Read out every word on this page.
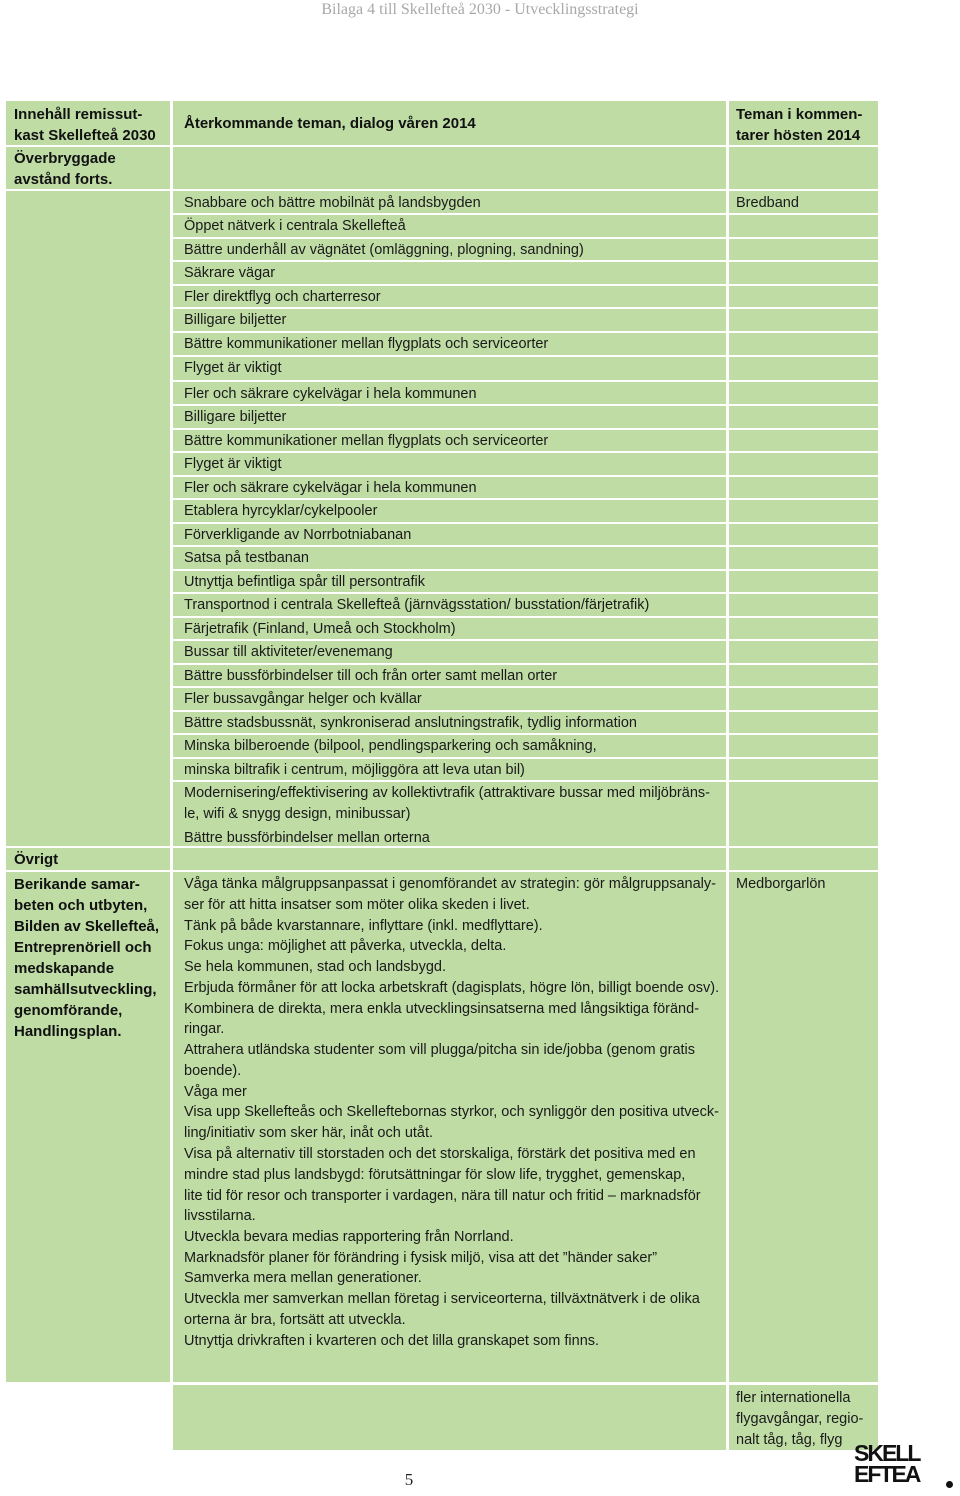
Bilaga 4 till Skellefteå 2030 - Utvecklingsstrategi
Innehåll remissut-kast Skellefteå 2030
Återkommande teman, dialog våren 2014
Teman i kommen-tarer hösten 2014
Överbryggade avstånd forts.
Snabbare och bättre mobilnät på landsbygden
Öppet nätverk i centrala Skellefteå
Bättre underhåll av vägnätet (omläggning, plogning, sandning)
Säkrare vägar
Fler direktflyg och charterresor
Billigare biljetter
Bättre kommunikationer mellan flygplats och serviceorter
Flyget är viktigt
Fler och säkrare cykelvägar i hela kommunen
Billigare biljetter
Bättre kommunikationer mellan flygplats och serviceorter
Flyget är viktigt
Fler och säkrare cykelvägar i hela kommunen
Etablera hyrcyklar/cykelpooler
Förverkligande av Norrbotniabanan
Satsa på testbanan
Utnyttja befintliga spår till persontrafik
Transportnod i centrala Skellefteå (järnvägsstation/ busstation/färjetrafik)
Färjetrafik (Finland, Umeå och Stockholm)
Bussar till aktiviteter/evenemang
Bättre bussförbindelser till och från orter samt mellan orter
Fler bussavgångar helger och kvällar
Bättre stadsbussnät, synkroniserad anslutningstrafik, tydlig information
Minska bilberoende (bilpool, pendlingsparkering och samåkning,
minska biltrafik i centrum, möjliggöra att leva utan bil)
Modernisering/effektivisering av kollektivtrafik (attraktivare bussar med miljöbräns-
le, wifi & snygg design, minibussar)
Bättre bussförbindelser mellan orterna
Bredband
Övrigt
Berikande samar-beten och utbyten, Bilden av Skellefteå, Entreprenöriell och medskapande samhällsutveckling, genomförande, Handlingsplan.
Våga tänka målgruppsanpassat i genomförandet av strategin: gör målgruppsanaly-
ser för att hitta insatser som möter olika skeden i livet.
Tänk på både kvarstannare, inflyttare (inkl. medflyttare).
Fokus unga: möjlighet att påverka, utveckla, delta.
Se hela kommunen, stad och landsbygd.
Erbjuda förmåner för att locka arbetskraft (dagisplats, högre lön, billigt boende osv).
Kombinera de direkta, mera enkla utvecklingsinsatserna med långsiktiga föränd-
ringar.
Attrahera utländska studenter som vill plugga/pitcha sin ide/jobba (genom gratis
boende).
Våga mer
Visa upp Skellefteås och Skelleftebornas styrkor, och synliggör den positiva utveck-
ling/initiativ som sker här, inåt och utåt.
Visa på alternativ till storstaden och det storskaliga, förstärk det positiva med en
mindre stad plus landsbygd: förutsättningar för slow life, trygghet, gemenskap,
lite tid för resor och transporter i vardagen, nära till natur och fritid – marknadsför
livsstilarna.
Utveckla bevara medias rapportering från Norrland.
Marknadsför planer för förändring i fysisk miljö, visa att det ”händer saker”
Samverka mera mellan generationer.
Utveckla mer samverkan mellan företag i serviceorterna, tillväxtnätverk i de olika
orterna är bra, fortsätt att utveckla.
Utnyttja drivkraften i kvarteren och det lilla granskapet som finns.
Medborgarlön
fler internationella
flygavgångar, regio-
nalt tåg, tåg, flyg
5
SKELL
EFTEA
